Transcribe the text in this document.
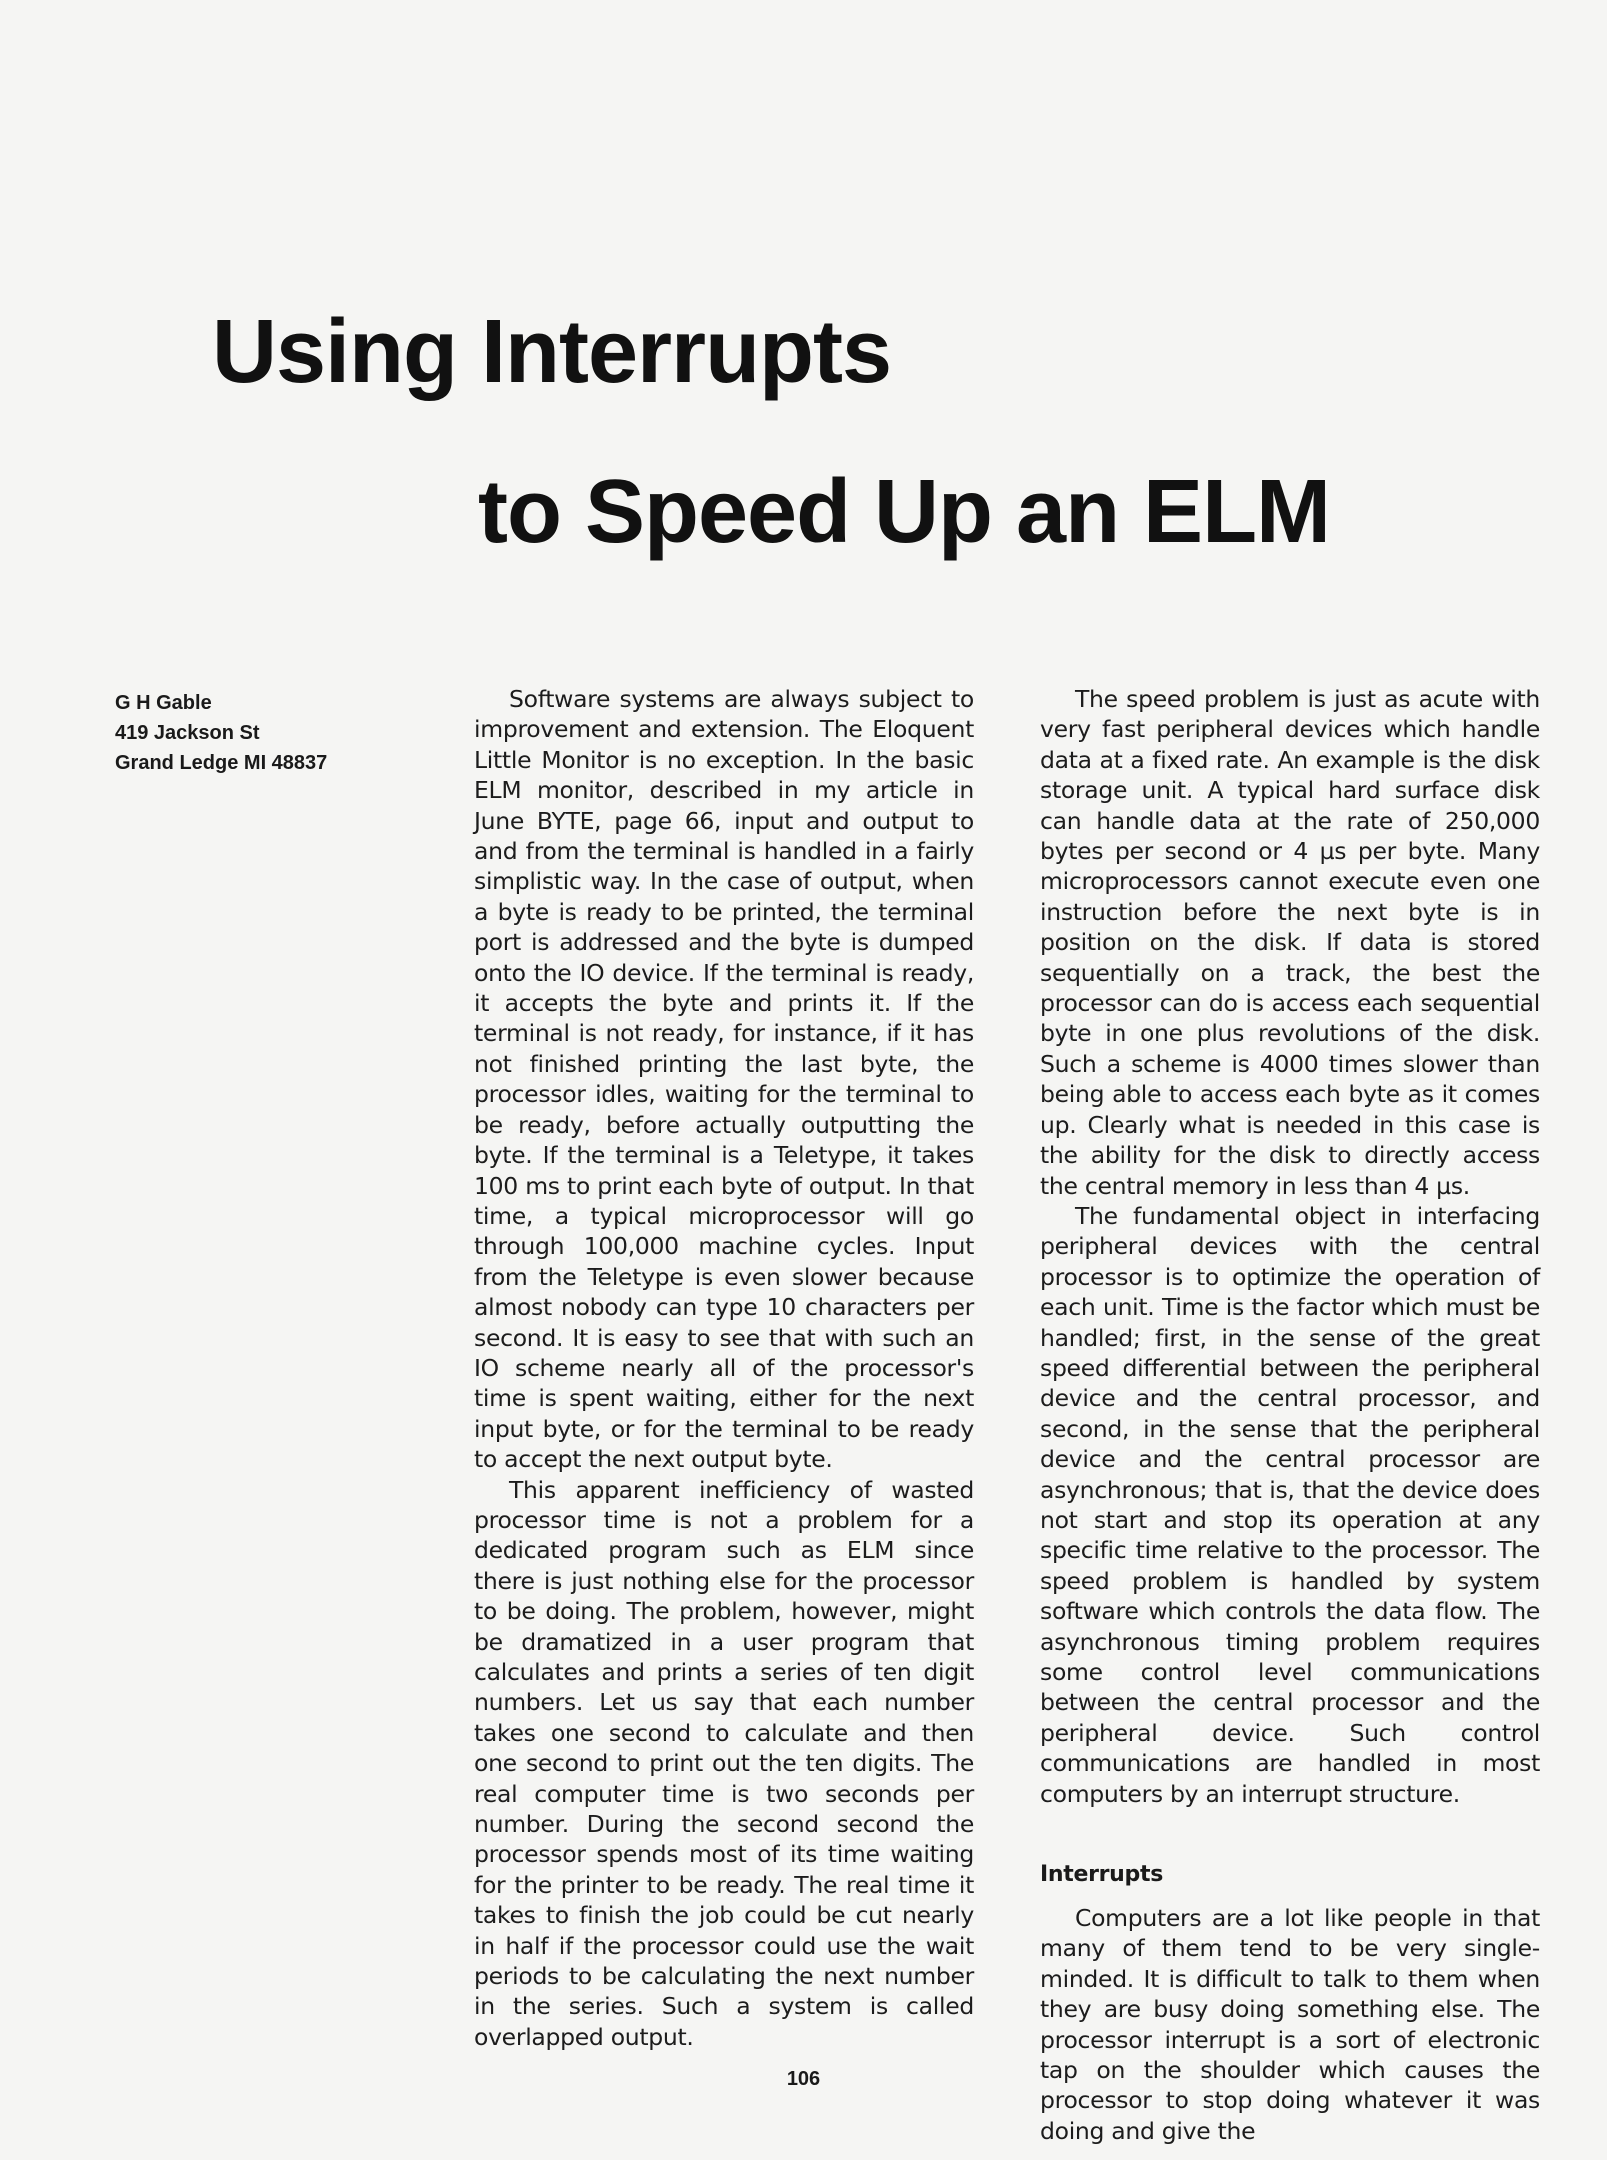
Using Interrupts
to Speed Up an ELM
G H Gable
419 Jackson St
Grand Ledge MI 48837

Software systems are always subject to improvement and extension. The Eloquent Little Monitor is no exception. In the basic ELM monitor, described in my article in June BYTE, page 66, input and output to and from the terminal is handled in a fairly simplistic way. In the case of output, when a byte is ready to be printed, the terminal port is addressed and the byte is dumped onto the IO device. If the terminal is ready, it accepts the byte and prints it. If the terminal is not ready, for instance, if it has not finished printing the last byte, the processor idles, waiting for the terminal to be ready, before actually outputting the byte. If the terminal is a Teletype, it takes 100 ms to print each byte of output. In that time, a typical microprocessor will go through 100,000 machine cycles. Input from the Teletype is even slower because almost nobody can type 10 characters per second. It is easy to see that with such an IO scheme nearly all of the processor's time is spent waiting, either for the next input byte, or for the terminal to be ready to accept the next output byte.

This apparent inefficiency of wasted processor time is not a problem for a dedicated program such as ELM since there is just nothing else for the processor to be doing. The problem, however, might be dramatized in a user program that calculates and prints a series of ten digit numbers. Let us say that each number takes one second to calculate and then one second to print out the ten digits. The real computer time is two seconds per number. During the second second the processor spends most of its time waiting for the printer to be ready. The real time it takes to finish the job could be cut nearly in half if the processor could use the wait periods to be calculating the next number in the series. Such a system is called overlapped output.

The speed problem is just as acute with very fast peripheral devices which handle data at a fixed rate. An example is the disk storage unit. A typical hard surface disk can handle data at the rate of 250,000 bytes per second or 4 µs per byte. Many microprocessors cannot execute even one instruction before the next byte is in position on the disk. If data is stored sequentially on a track, the best the processor can do is access each sequential byte in one plus revolutions of the disk. Such a scheme is 4000 times slower than being able to access each byte as it comes up. Clearly what is needed in this case is the ability for the disk to directly access the central memory in less than 4 µs.

The fundamental object in interfacing peripheral devices with the central processor is to optimize the operation of each unit. Time is the factor which must be handled; first, in the sense of the great speed differential between the peripheral device and the central processor, and second, in the sense that the peripheral device and the central processor are asynchronous; that is, that the device does not start and stop its operation at any specific time relative to the processor. The speed problem is handled by system software which controls the data flow. The asynchronous timing problem requires some control level communications between the central processor and the peripheral device. Such control communications are handled in most computers by an interrupt structure.

Interrupts

Computers are a lot like people in that many of them tend to be very single-minded. It is difficult to talk to them when they are busy doing something else. The processor interrupt is a sort of electronic tap on the shoulder which causes the processor to stop doing whatever it was doing and give the

106
